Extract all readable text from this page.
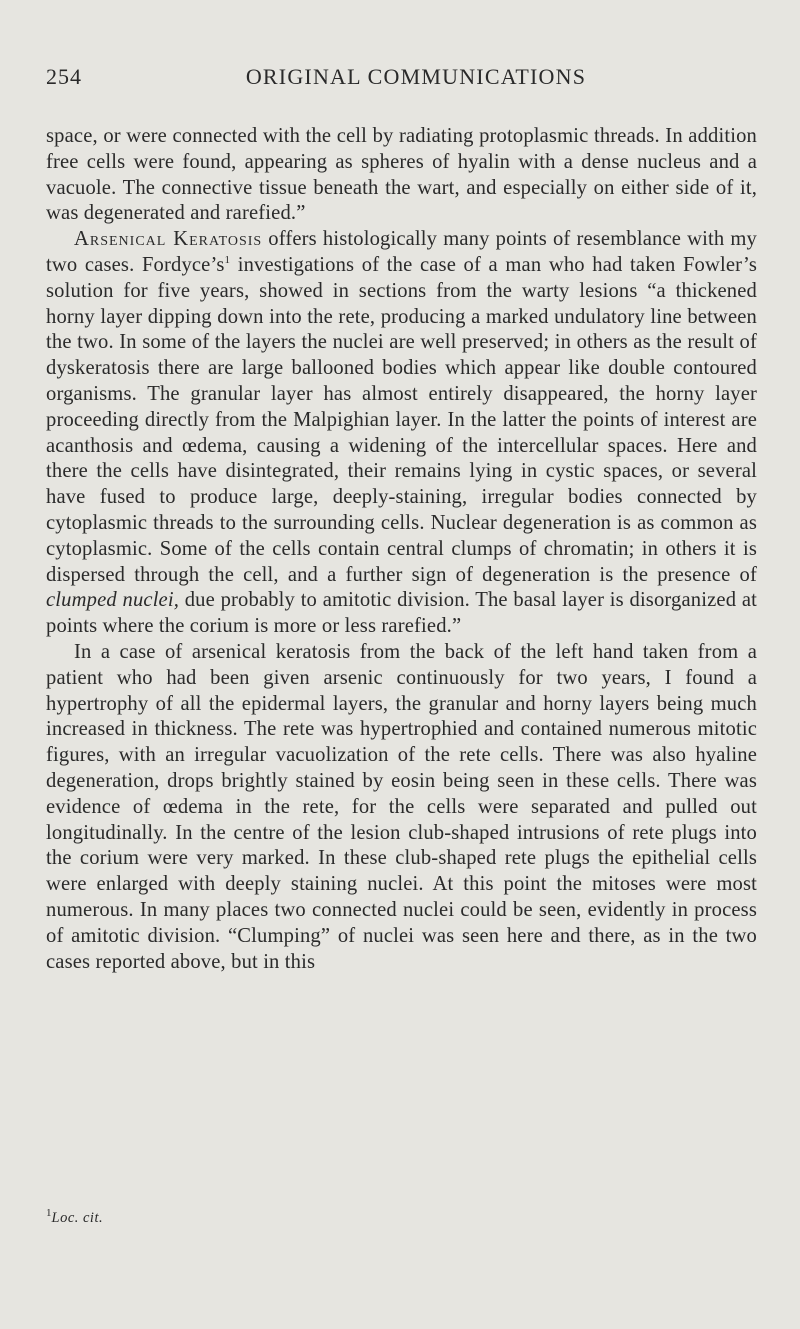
254	ORIGINAL COMMUNICATIONS

space, or were connected with the cell by radiating protoplasmic threads. In addition free cells were found, appearing as spheres of hyalin with a dense nucleus and a vacuole. The connective tissue beneath the wart, and especially on either side of it, was degenerated and rarefied.”

Arsenical Keratosis offers histologically many points of resemblance with my two cases. $Fordyce’s^1$ investigations of the case of a man who had taken Fowler’s solution for five years, showed in sections from the warty lesions “a thickened horny layer dipping down into the rete, producing a marked undulatory line between the two. In some of the layers the nuclei are well preserved; in others as the result of dyskeratosis there are large ballooned bodies which appear like double contoured organisms. The granular layer has almost entirely disappeared, the horny layer proceeding directly from the Malpighian layer. In the latter the points of interest are acanthosis and œdema, causing a widening of the intercellular spaces. Here and there the cells have disintegrated, their remains lying in cystic spaces, or several have fused to produce large, deeply-staining, irregular bodies connected by cytoplasmic threads to the surrounding cells. Nuclear degeneration is as common as cytoplasmic. Some of the cells contain central clumps of chromatin; in others it is dispersed through the cell, and a further sign of degeneration is the presence of clumped nuclei, due probably to amitotic division. The basal layer is disorganized at points where the corium is more or less rarefied.”

In a case of arsenical keratosis from the back of the left hand taken from a patient who had been given arsenic continuously for two years, I found a hypertrophy of all the epidermal layers, the granular and horny layers being much increased in thickness. The rete was hypertrophied and contained numerous mitotic figures, with an irregular vacuolization of the rete cells. There was also hyaline degeneration, drops brightly stained by eosin being seen in these cells. There was evidence of œdema in the rete, for the cells were separated and pulled out longitudinally. In the centre of the lesion club-shaped intrusions of rete plugs into the corium were very marked. In these club-shaped rete plugs the epithelial cells were enlarged with deeply staining nuclei. At this point the mitoses were most numerous. In many places two connected nuclei could be seen, evidently in process of amitotic division. “Clumping” of nuclei was seen here and there, as in the two cases reported above, but in this

$^1$Loc. cit.
